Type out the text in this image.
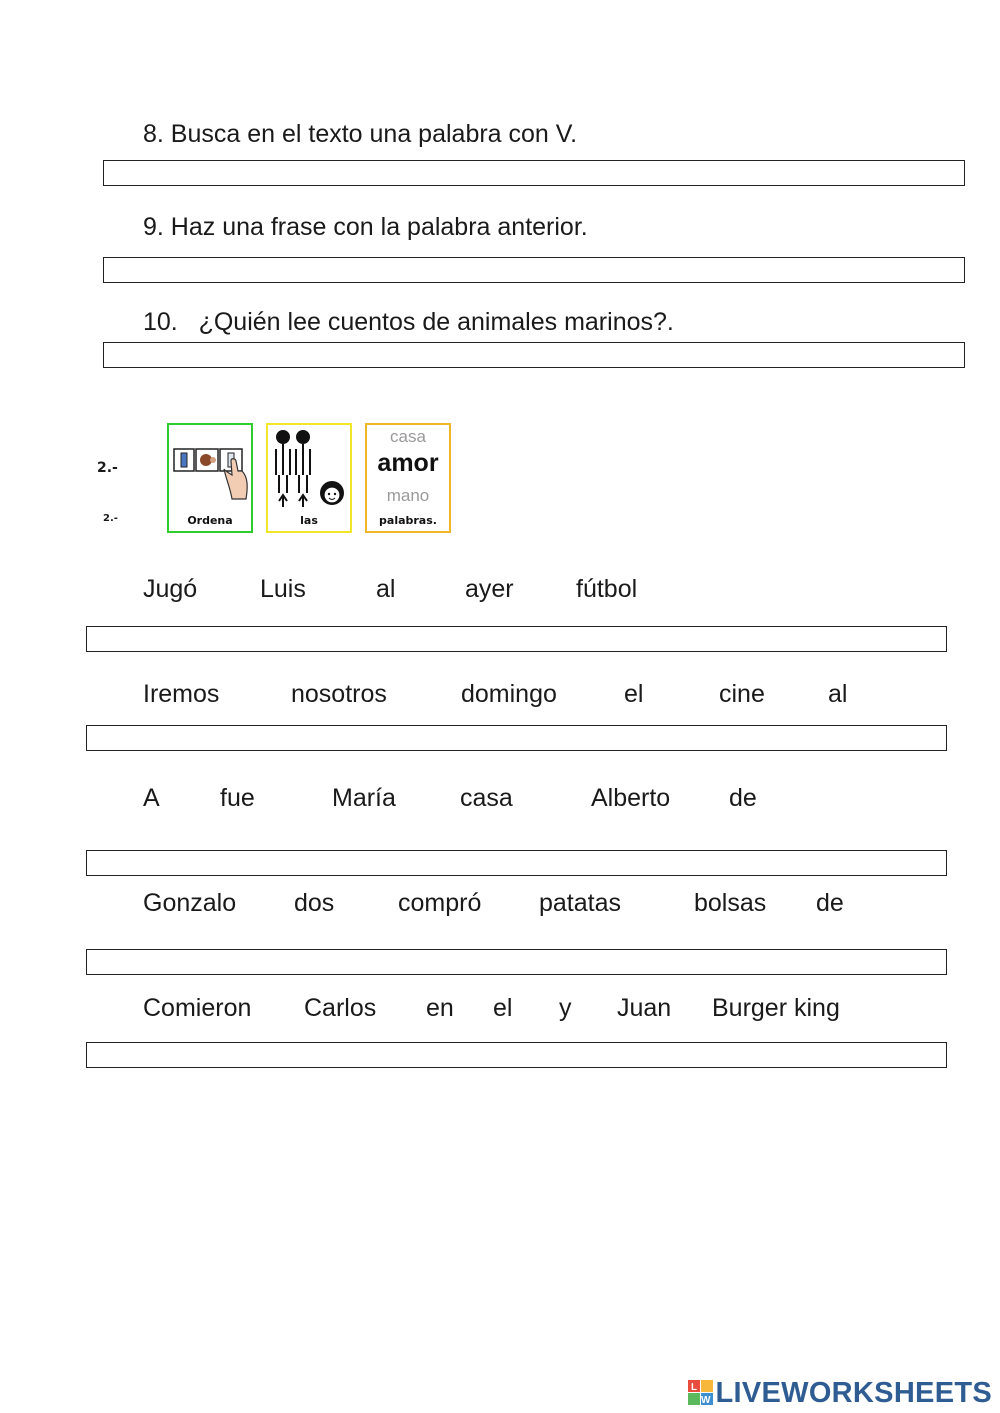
8. Busca en el texto una palabra con V.
9. Haz una frase con la palabra anterior.
10.   ¿Quién lee cuentos de animales marinos?.
2.-
2.-	Ordena	las
casa
amor
mano
palabras.
Jugó	Luis	al	ayer fútbol
Iremos	nosotros	domingo	el	cine	al
A fue	María	casa	Alberto de
Gonzalo dos	compró patatas	bolsas de
Comieron Carlos en el y Juan Burger king
L
W LIVEWORKSHEETS
